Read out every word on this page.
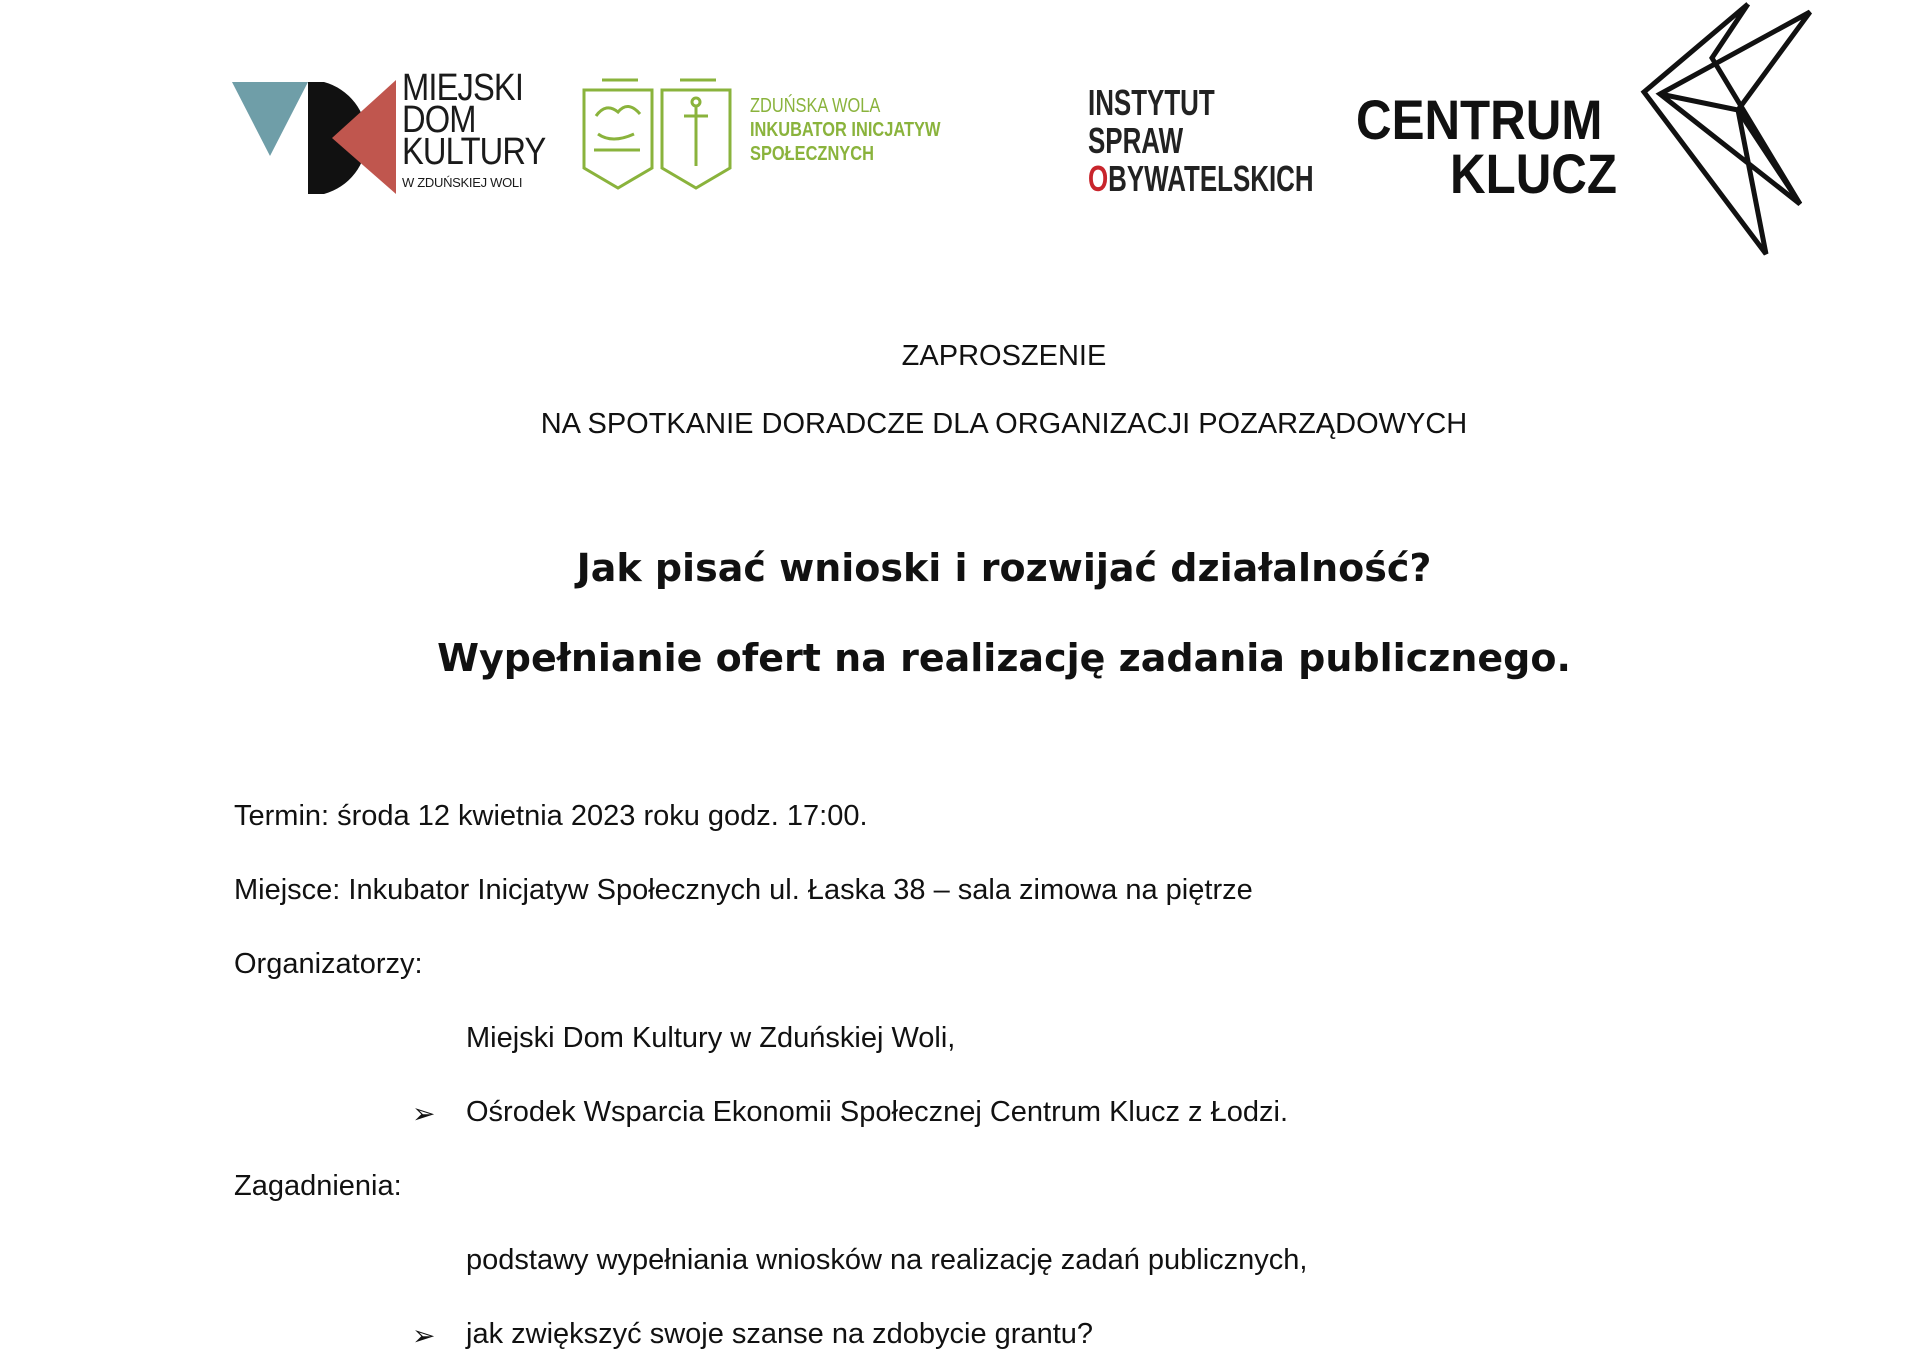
MIEJSKI
DOM
KULTURY
W ZDUŃSKIEJ WOLI
ZDUŃSKA WOLA
INKUBATOR INICJATYW
SPOŁECZNYCH
INSTYTUT
SPRAW
OBYWATELSKICH
CENTRUM
KLUCZ
ZAPROSZENIE
NA SPOTKANIE DORADCZE DLA ORGANIZACJI POZARZĄDOWYCH
Jak pisać wnioski i rozwijać działalność?
Wypełnianie ofert na realizację zadania publicznego.
Termin: środa 12 kwietnia 2023 roku godz. 17:00.
Miejsce: Inkubator Inicjatyw Społecznych ul. Łaska 38 – sala zimowa na piętrze
Organizatorzy:
Miejski Dom Kultury w Zduńskiej Woli,
➢ Ośrodek Wsparcia Ekonomii Społecznej Centrum Klucz z Łodzi.
Zagadnienia:
podstawy wypełniania wniosków na realizację zadań publicznych,
➢ jak zwiększyć swoje szanse na zdobycie grantu?
